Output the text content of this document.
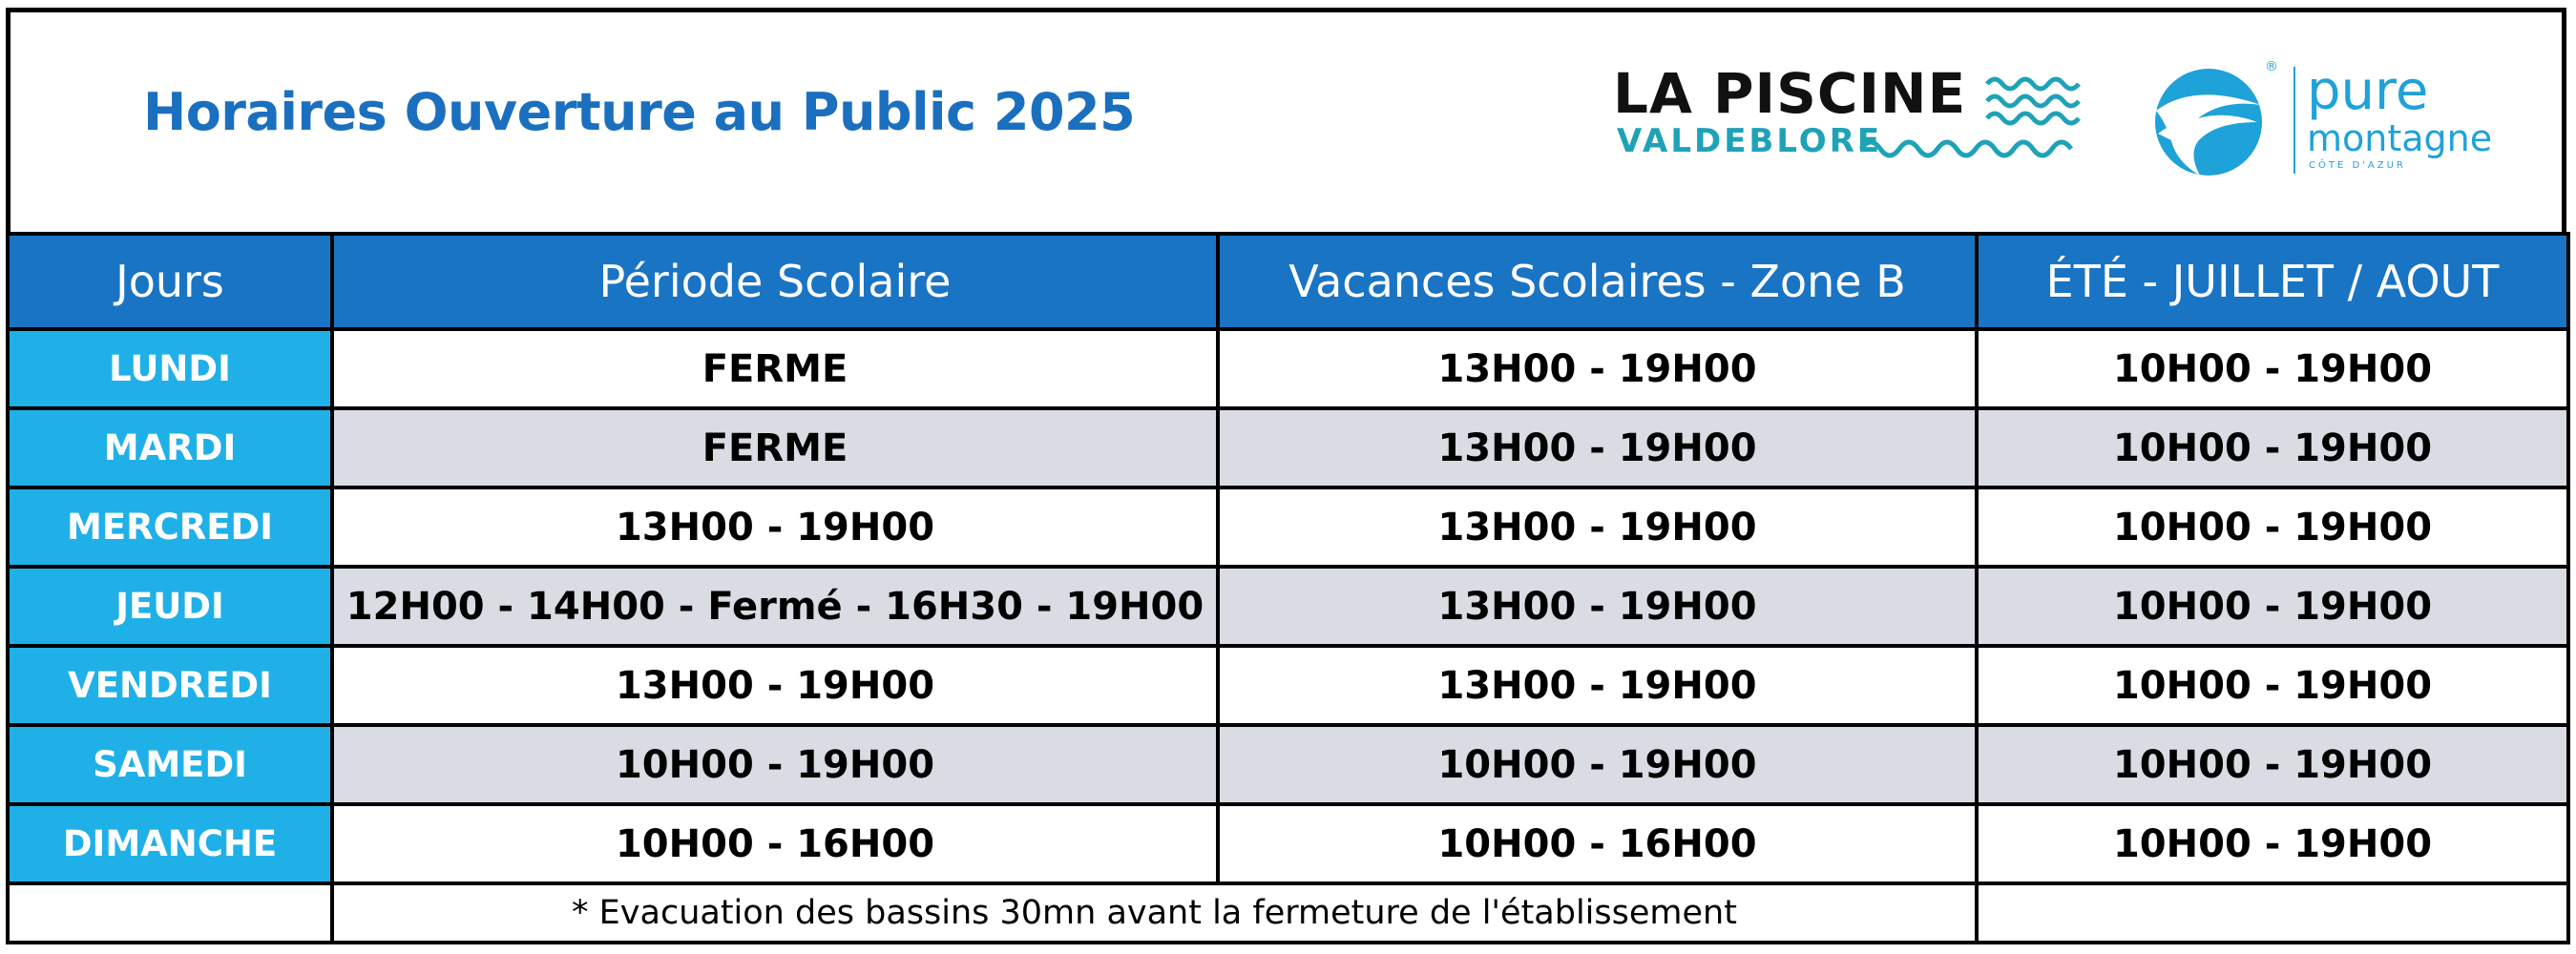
Horaires Ouverture au Public 2025	LA PISCINE
VALDEBLORE
® pure
montagne
CÔTE D'AZUR
Jours	Période Scolaire	Vacances Scolaires - Zone B	ÉTÉ - JUILLET / AOUT
LUNDI	FERME	13H00 - 19H00	10H00 - 19H00
MARDI	FERME	13H00 - 19H00	10H00 - 19H00
MERCREDI	13H00 - 19H00	13H00 - 19H00	10H00 - 19H00
JEUDI	12H00 - 14H00 - Fermé - 16H30 - 19H00	13H00 - 19H00	10H00 - 19H00
VENDREDI	13H00 - 19H00	13H00 - 19H00	10H00 - 19H00
SAMEDI	10H00 - 19H00	10H00 - 19H00	10H00 - 19H00
DIMANCHE	10H00 - 16H00	10H00 - 16H00	10H00 - 19H00
	* Evacuation des bassins 30mn avant la fermeture de l'établissement		
